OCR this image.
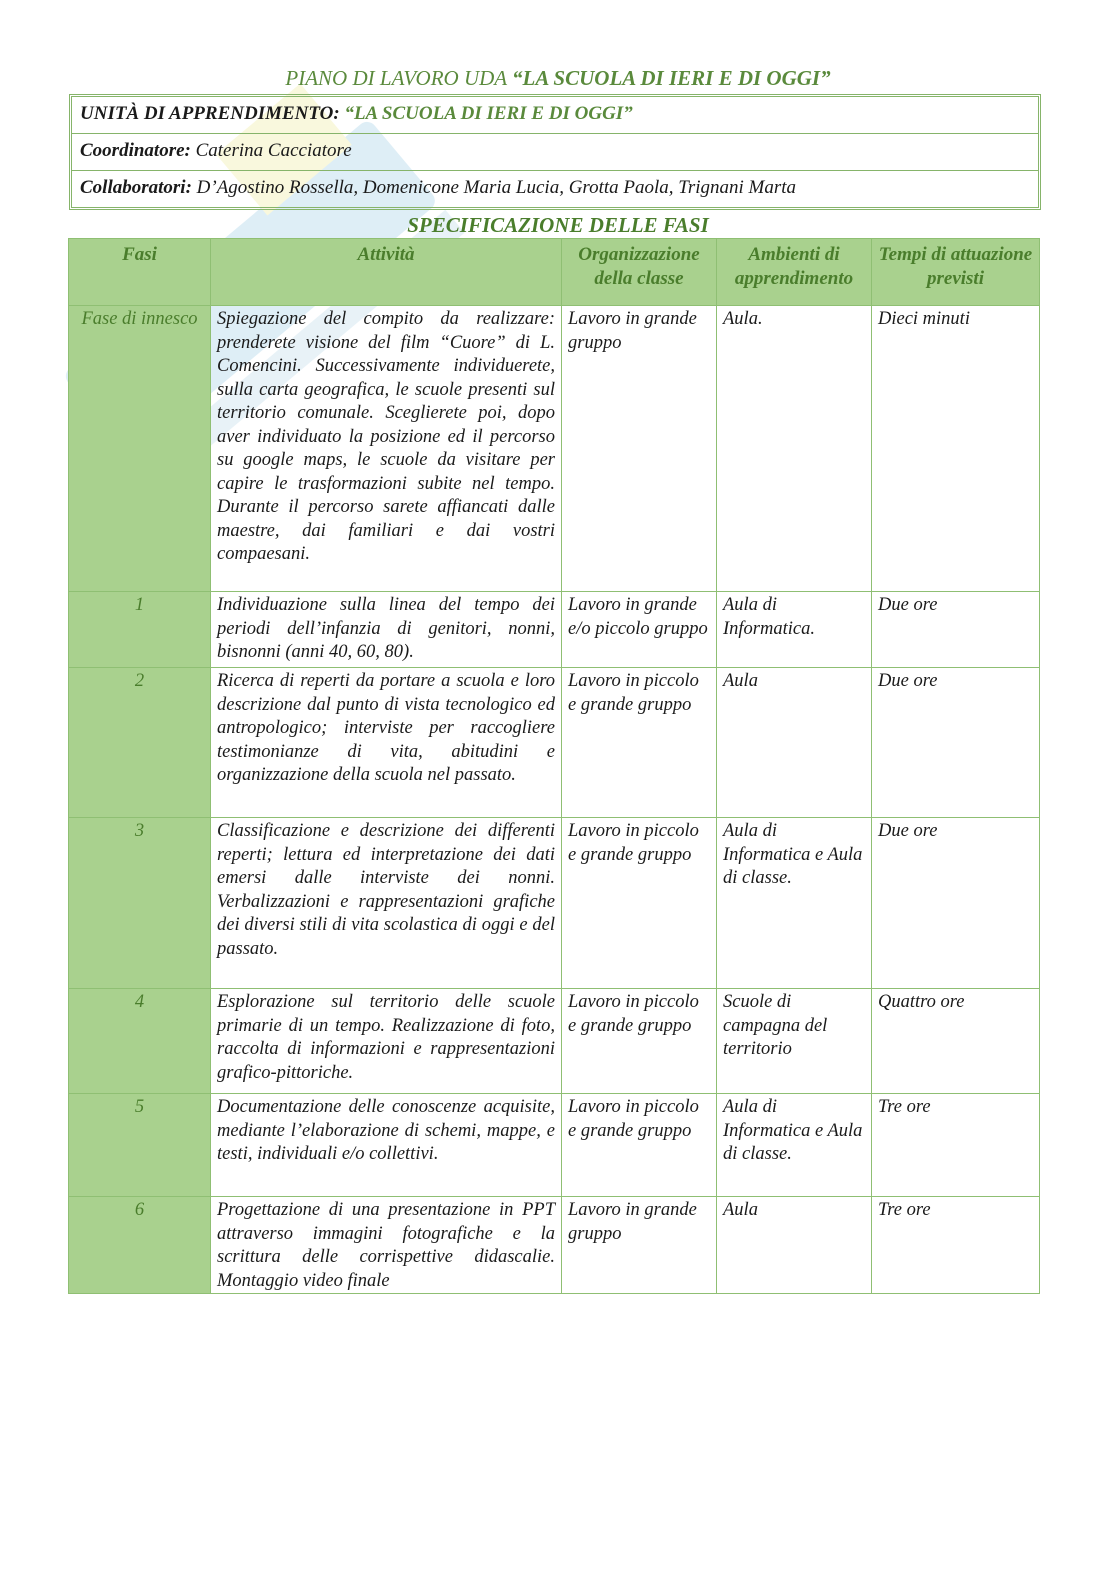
PIANO DI LAVORO UDA “LA SCUOLA DI IERI E DI OGGI”
UNITÀ DI APPRENDIMENTO: “LA SCUOLA DI IERI E DI OGGI”
Coordinatore: Caterina Cacciatore
Collaboratori: D’Agostino Rossella, Domenicone Maria Lucia, Grotta Paola, Trignani Marta
SPECIFICAZIONE DELLE FASI
Fasi	Attività	Organizzazione della classe	Ambienti di apprendimento	Tempi di attuazione previsti
Fase di innesco	Spiegazione del compito da realizzare: prenderete visione del film “Cuore” di L. Comencini. Successivamente individuerete, sulla carta geografica, le scuole presenti sul territorio comunale. Sceglierete poi, dopo aver individuato la posizione ed il percorso su google maps, le scuole da visitare per capire le trasformazioni subite nel tempo. Durante il percorso sarete affiancati dalle maestre, dai familiari e dai vostri compaesani.	Lavoro in grande gruppo	Aula.	Dieci minuti
1	Individuazione sulla linea del tempo dei periodi dell’infanzia di genitori, nonni, bisnonni (anni 40, 60, 80).	Lavoro in grande e/o piccolo gruppo	Aula di Informatica.	Due ore
2	Ricerca di reperti da portare a scuola e loro descrizione dal punto di vista tecnologico ed antropologico; interviste per raccogliere testimonianze di vita, abitudini e organizzazione della scuola nel passato.	Lavoro in piccolo e grande gruppo	Aula	Due ore
3	Classificazione e descrizione dei differenti reperti; lettura ed interpretazione dei dati emersi dalle interviste dei nonni. Verbalizzazioni e rappresentazioni grafiche dei diversi stili di vita scolastica di oggi e del passato.	Lavoro in piccolo e grande gruppo	Aula di Informatica e Aula di classe.	Due ore
4	Esplorazione sul territorio delle scuole primarie di un tempo. Realizzazione di foto, raccolta di informazioni e rappresentazioni grafico-pittoriche.	Lavoro in piccolo e grande gruppo	Scuole di campagna del territorio	Quattro ore
5	Documentazione delle conoscenze acquisite, mediante l’elaborazione di schemi, mappe, e testi, individuali e/o collettivi.	Lavoro in piccolo e grande gruppo	Aula di Informatica e Aula di classe.	Tre ore
6	Progettazione di una presentazione in PPT attraverso immagini fotografiche e la scrittura delle corrispettive didascalie. Montaggio video finale	Lavoro in grande gruppo	Aula	Tre ore
